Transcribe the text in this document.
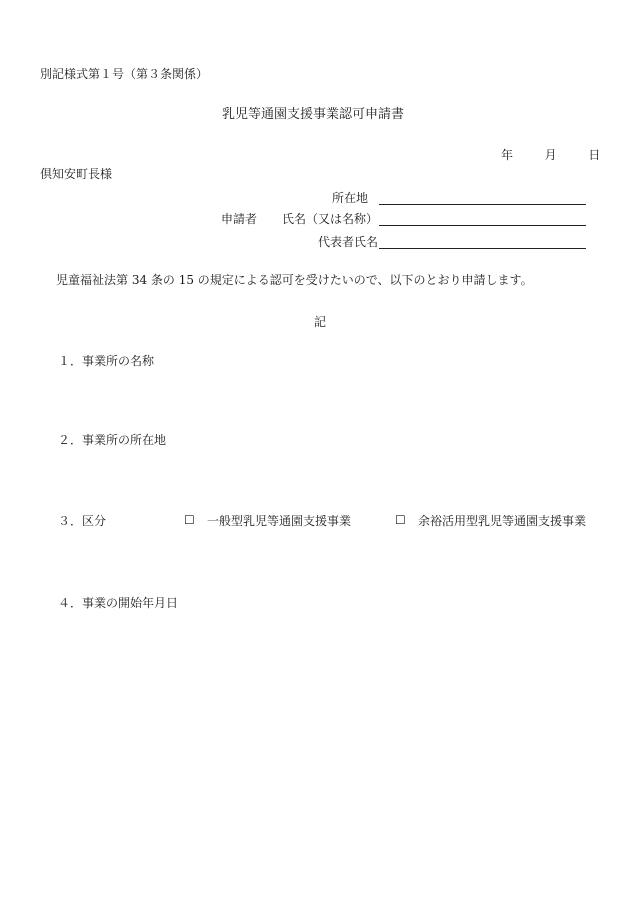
別記様式第１号（第３条関係）
乳児等通園支援事業認可申請書
年	月	日
倶知安町長様
所在地
申請者 氏名（又は名称）
代表者氏名
児童福祉法第 34 条の 15 の規定による認可を受けたいので、以下のとおり申請します。
記
１．事業所の名称
２．事業所の所在地
３．区分	☐ 一般型乳児等通園支援事業	☐ 余裕活用型乳児等通園支援事業
４．事業の開始年月日
